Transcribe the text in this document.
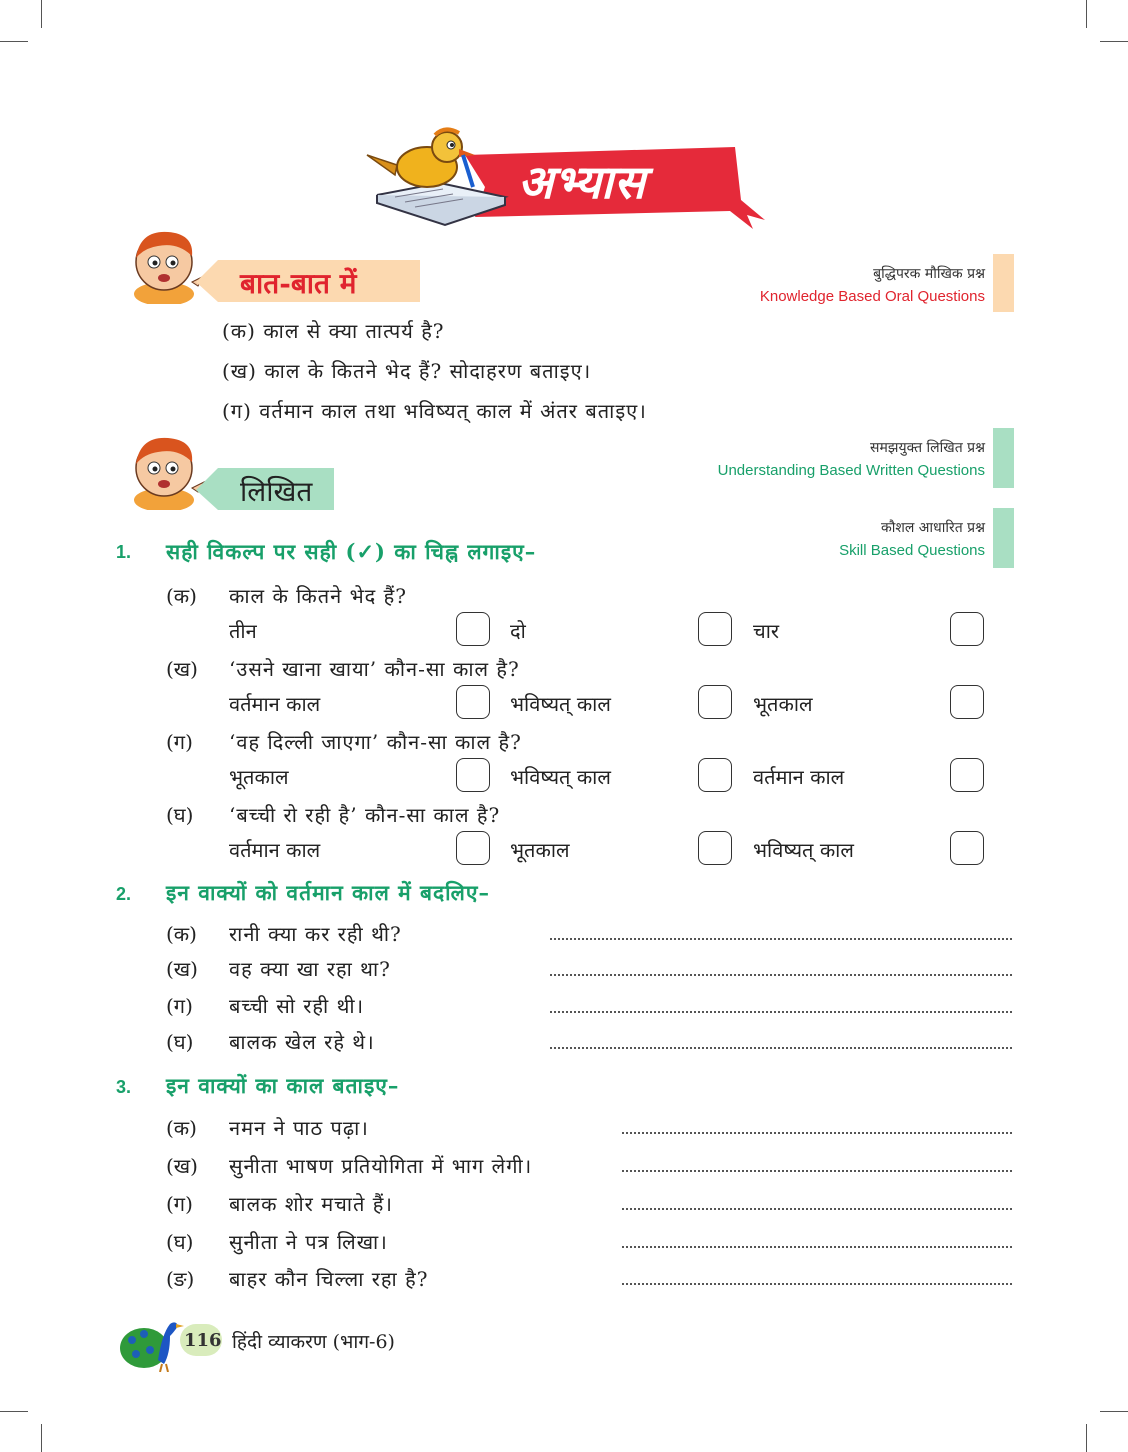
अभ्यास
बात-बात में	बुद्धिपरक मौखिक प्रश्न
Knowledge Based Oral Questions
(क) काल से क्या तात्पर्य है?
(ख) काल के कितने भेद हैं? सोदाहरण बताइए।
(ग) वर्तमान काल तथा भविष्यत् काल में अंतर बताइए।
लिखित
समझयुक्त लिखित प्रश्न
Understanding Based Written Questions
कौशल आधारित प्रश्न
Skill Based Questions
1. सही विकल्प पर सही (✓) का चिह्न लगाइए–
(क) काल के कितने भेद हैं?
तीन	दो	चार
(ख) ‘उसने खाना खाया’ कौन-सा काल है?
वर्तमान काल	भविष्यत् काल	भूतकाल
(ग) ‘वह दिल्ली जाएगा’ कौन-सा काल है?
भूतकाल	भविष्यत् काल	वर्तमान काल
(घ) ‘बच्ची रो रही है’ कौन-सा काल है?
वर्तमान काल	भूतकाल	भविष्यत् काल
2. इन वाक्यों को वर्तमान काल में बदलिए–
(क) रानी क्या कर रही थी?
(ख) वह क्या खा रहा था?
(ग) बच्ची सो रही थी।
(घ) बालक खेल रहे थे।
3. इन वाक्यों का काल बताइए–
(क) नमन ने पाठ पढ़ा।
(ख) सुनीता भाषण प्रतियोगिता में भाग लेगी।
(ग) बालक शोर मचाते हैं।
(घ) सुनीता ने पत्र लिखा।
(ङ) बाहर कौन चिल्ला रहा है?
116 हिंदी व्याकरण (भाग-6)
